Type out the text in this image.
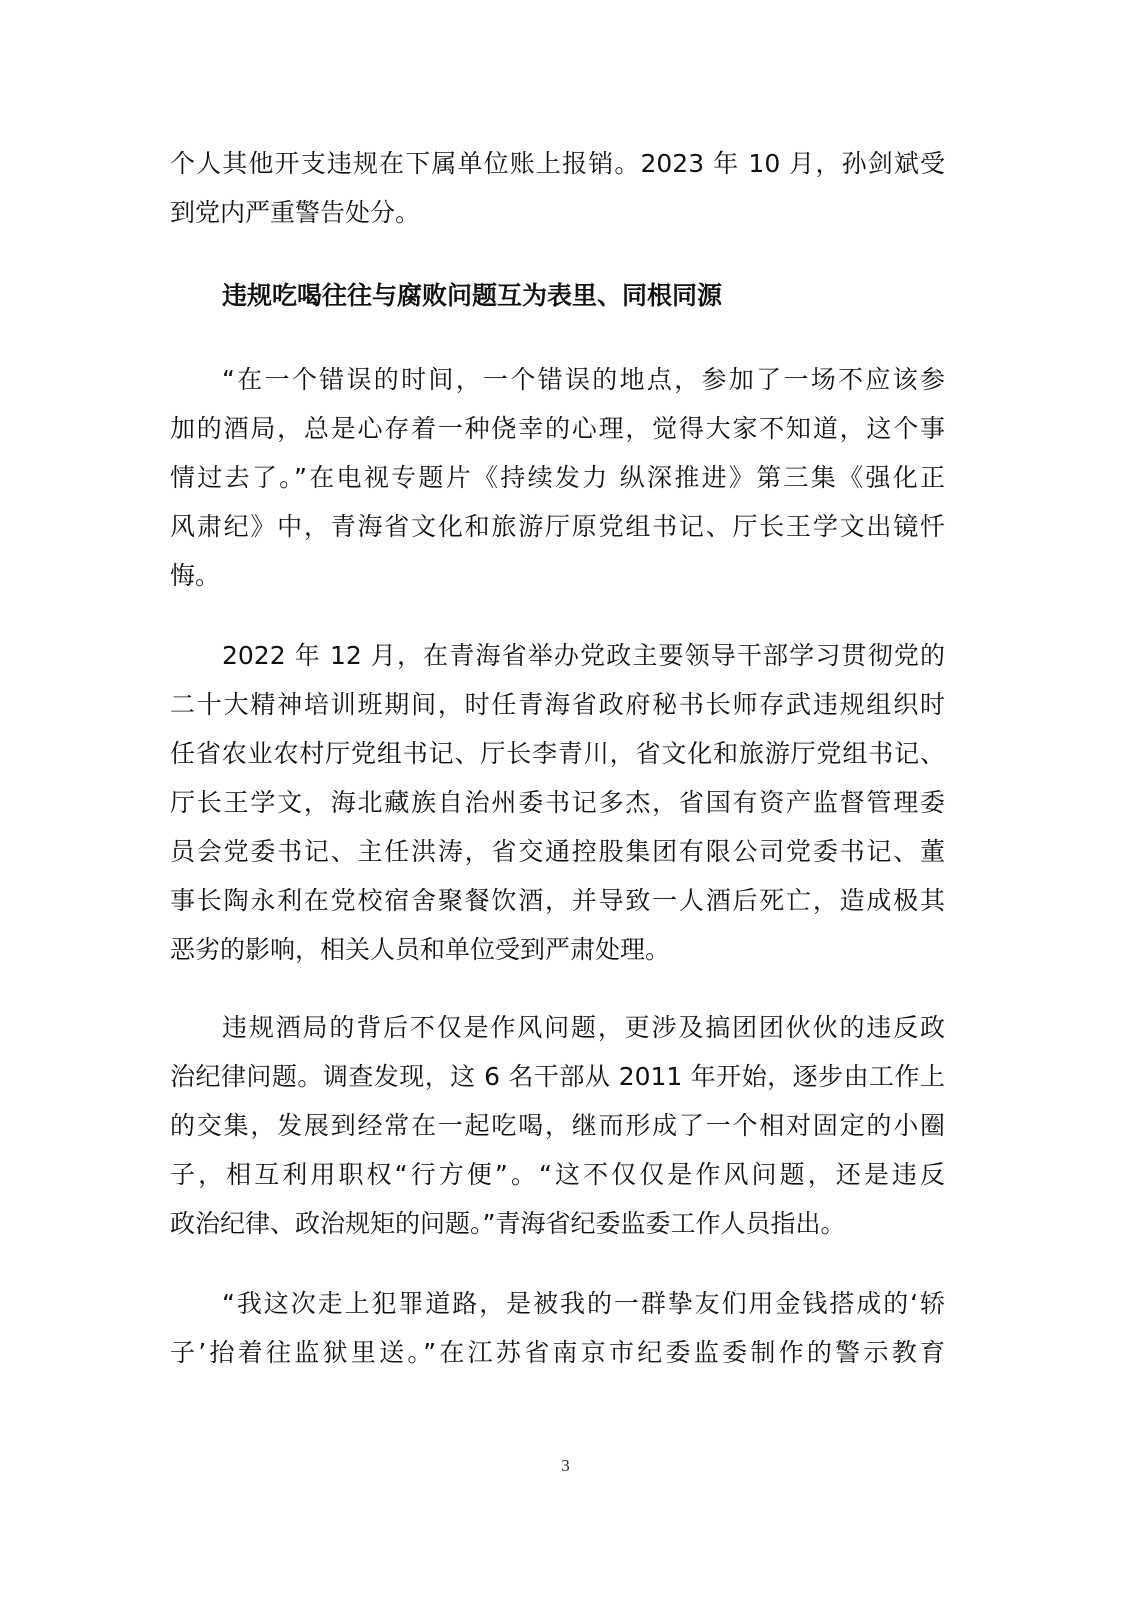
个人其他开支违规在下属单位账上报销。2023 年 10 月，孙剑斌受
到党内严重警告处分。
违规吃喝往往与腐败问题互为表里、同根同源
“在一个错误的时间，一个错误的地点，参加了一场不应该参
加的酒局，总是心存着一种侥幸的心理，觉得大家不知道，这个事
情过去了。”在电视专题片《持续发力 纵深推进》第三集《强化正
风肃纪》中，青海省文化和旅游厅原党组书记、厅长王学文出镜忏
悔。
2022 年 12 月，在青海省举办党政主要领导干部学习贯彻党的
二十大精神培训班期间，时任青海省政府秘书长师存武违规组织时
任省农业农村厅党组书记、厅长李青川，省文化和旅游厅党组书记、
厅长王学文，海北藏族自治州委书记多杰，省国有资产监督管理委
员会党委书记、主任洪涛，省交通控股集团有限公司党委书记、董
事长陶永利在党校宿舍聚餐饮酒，并导致一人酒后死亡，造成极其
恶劣的影响，相关人员和单位受到严肃处理。
违规酒局的背后不仅是作风问题，更涉及搞团团伙伙的违反政
治纪律问题。调查发现，这 6 名干部从 2011 年开始，逐步由工作上
的交集，发展到经常在一起吃喝，继而形成了一个相对固定的小圈
子，相互利用职权“行方便”。“这不仅仅是作风问题，还是违反
政治纪律、政治规矩的问题。”青海省纪委监委工作人员指出。
“我这次走上犯罪道路，是被我的一群挚友们用金钱搭成的‘轿
子’抬着往监狱里送。”在江苏省南京市纪委监委制作的警示教育
3
